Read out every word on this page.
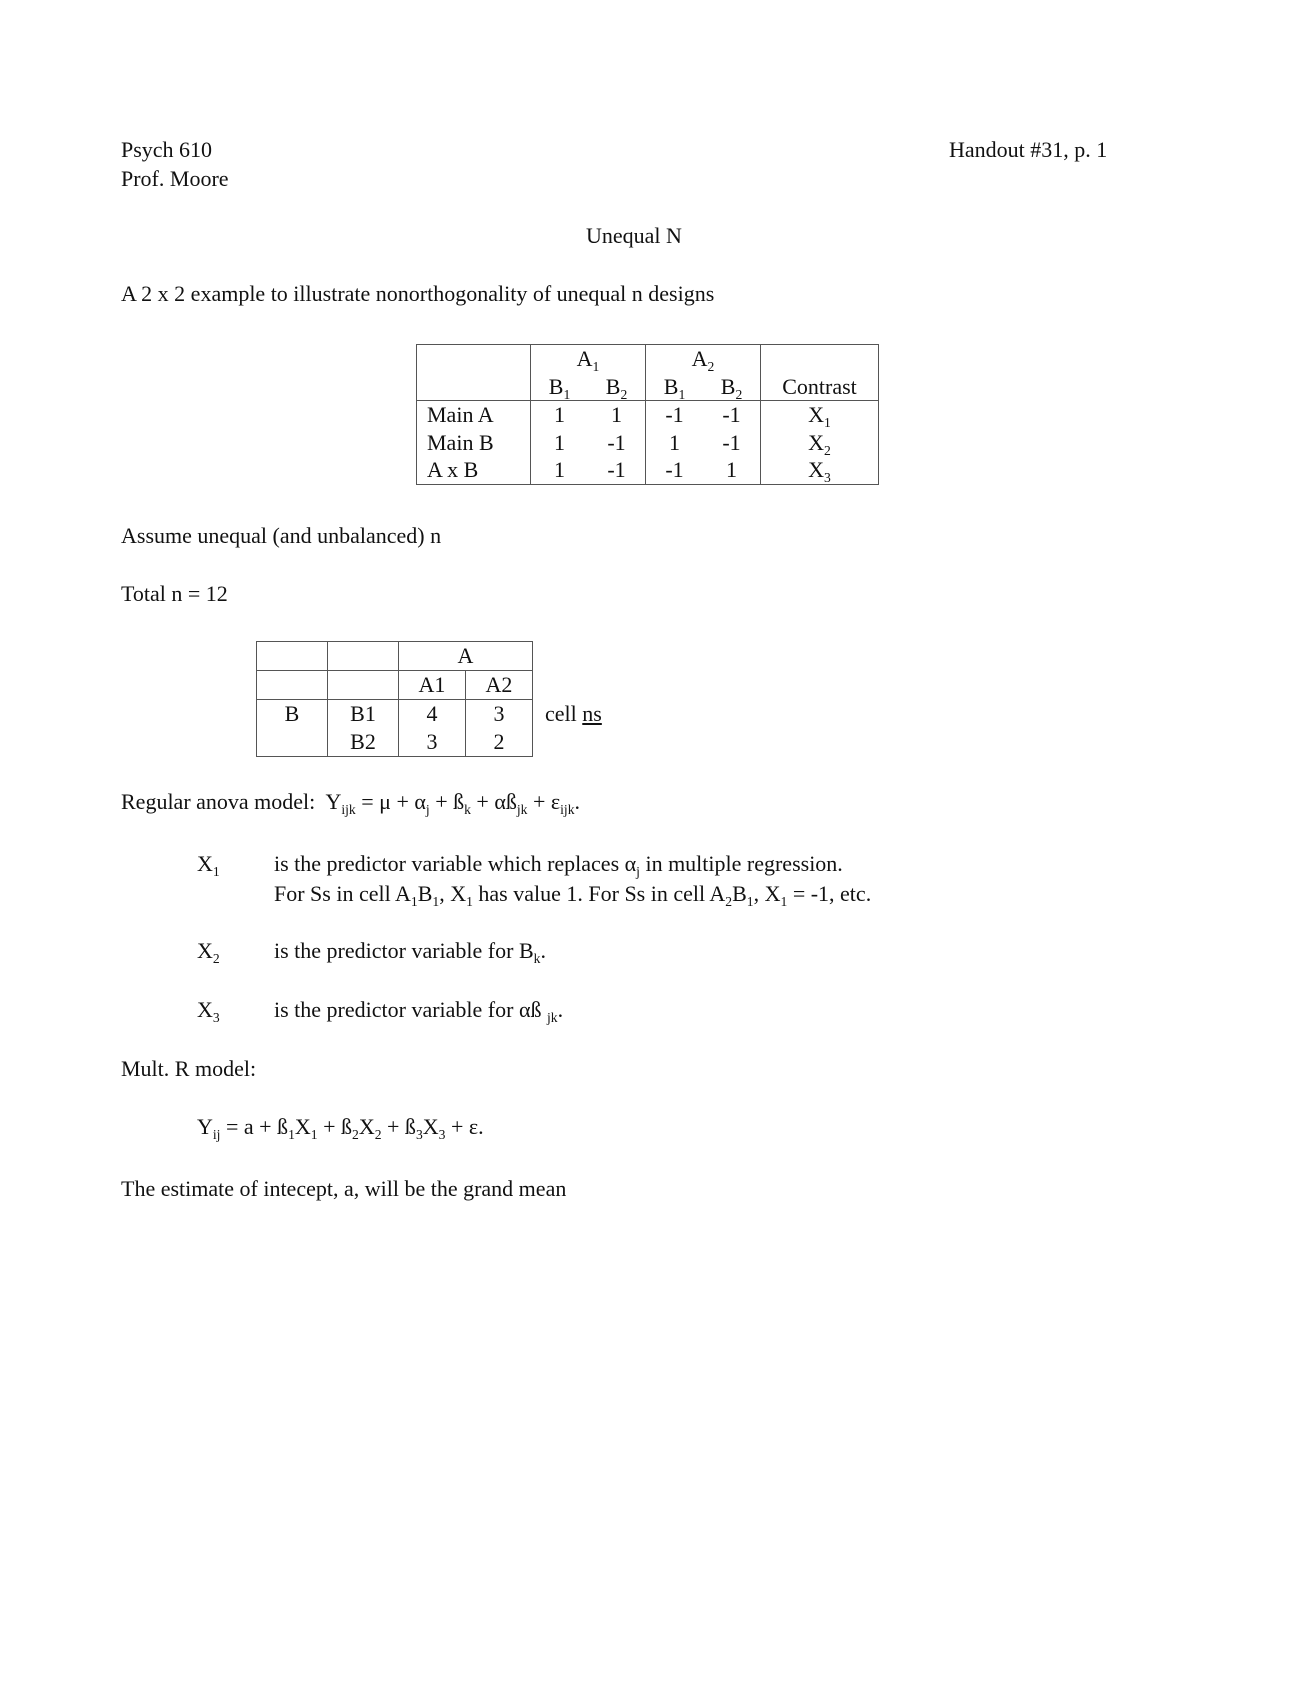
Psych 610
Prof. Moore
Handout #31, p. 1
Unequal N
A 2 x 2 example to illustrate nonorthogonality of unequal n designs
	$A_1$		$A_2$	
	$B_1$	$B_2$	$B_1$	$B_2$	Contrast
Main A	1	1	-1	-1	$X_1$
Main B	1	-1	1	-1	$X_2$
A x B	1	-1	-1	1	$X_3$
Assume unequal (and unbalanced) n
Total n = 12
		A	
		A1	A2
B	B1	4	3
	B2	3	2
cell ns
Regular anova model: $Y_{ijk} = \mu + \alpha_j$ + $ß_k$ + $\alpha ß_{jk} + \varepsilon_{ijk}$.
$X_1$ is the predictor variable which replaces $\alpha_j$ in multiple regression.
For Ss in cell $A_1B_1$, $X_1$ has value 1. For Ss in cell $A_2B_1$, $X_1 = -1$, etc.
$X_2$ is the predictor variable for $B_k$.
$X_3$ is the predictor variable for αß $_{jk}$.
Mult. R model:
$Y_{ij} = a$ + $ß_1X_1$ + $ß_2X_2$ + $ß_3X_3 + \varepsilon$.
The estimate of intecept, a, will be the grand mean
